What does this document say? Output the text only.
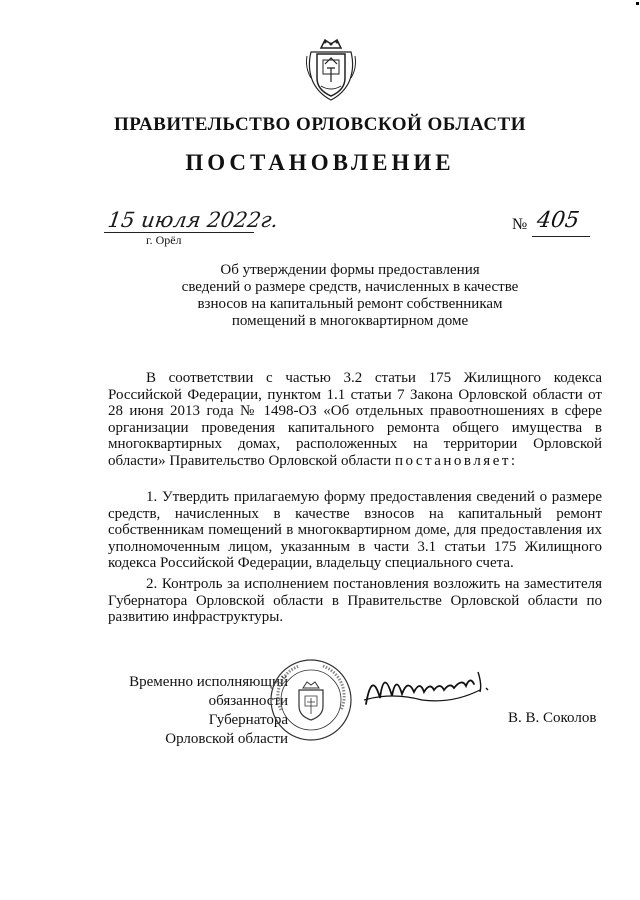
ПРАВИТЕЛЬСТВО ОРЛОВСКОЙ ОБЛАСТИ
ПОСТАНОВЛЕНИЕ
15 июля 2022г.
г. Орёл
№ 405
Об утверждении формы предоставления
сведений о размере средств, начисленных в качестве
взносов на капитальный ремонт собственникам
помещений в многоквартирном доме
В соответствии с частью 3.2 статьи 175 Жилищного кодекса Российской Федерации, пунктом 1.1 статьи 7 Закона Орловской области от 28 июня 2013 года № 1498-ОЗ «Об отдельных правоотношениях в сфере организации проведения капитального ремонта общего имущества в многоквартирных домах, расположенных на территории Орловской области» Правительство Орловской области постановляет:
1. Утвердить прилагаемую форму предоставления сведений о размере средств, начисленных в качестве взносов на капитальный ремонт собственникам помещений в многоквартирном доме, для предоставления их уполномоченным лицом, указанным в части 3.1 статьи 175 Жилищного кодекса Российской Федерации, владельцу специального счета.
2. Контроль за исполнением постановления возложить на заместителя Губернатора Орловской области в Правительстве Орловской области по развитию инфраструктуры.
Временно исполняющий
обязанности Губернатора
Орловской области
В. В. Соколов
